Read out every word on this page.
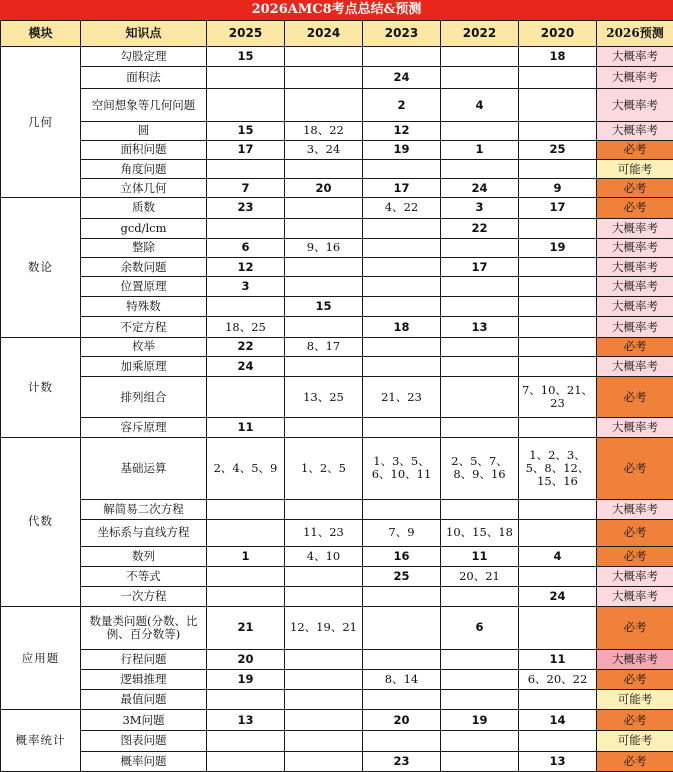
2026AMC8考点总结&预测
模块	知识点	2025	2024	2023	2022	2020	2026预测
几何	勾股定理	15				18	大概率考
	面积法			24			大概率考
	空间想象等几何问题			2	4		大概率考
	圆	15	18、22	12			大概率考
	面积问题	17	3、24	19	1	25	必考
	角度问题						可能考
	立体几何	7	20	17	24	9	必考
数论	质数	23		4、22	3	17	必考
	gcd/lcm				22		大概率考
	整除	6	9、16			19	大概率考
	余数问题	12			17		大概率考
	位置原理	3					大概率考
	特殊数		15				大概率考
	不定方程	18、25		18	13		大概率考
计数	枚举	22	8、17				必考
	加乘原理	24					大概率考
	排列组合		13、25	21、23		7、10、21、23	必考
	容斥原理	11					大概率考
代数	基础运算	2、4、5、9	1、2、5	1、3、5、6、10、11	2、5、7、8、9、16	1、2、3、5、8、12、15、16	必考
	解简易二次方程						大概率考
	坐标系与直线方程		11、23	7、9	10、15、18		必考
	数列	1	4、10	16	11	4	必考
	不等式			25	20、21		大概率考
	一次方程					24	大概率考
应用题	数量类问题(分数、比例、百分数等)	21	12、19、21		6		必考
	行程问题	20				11	大概率考
	逻辑推理	19		8、14		6、20、22	必考
	最值问题						可能考
概率统计	3M问题	13		20	19	14	必考
	图表问题						可能考
	概率问题			23		13	必考
